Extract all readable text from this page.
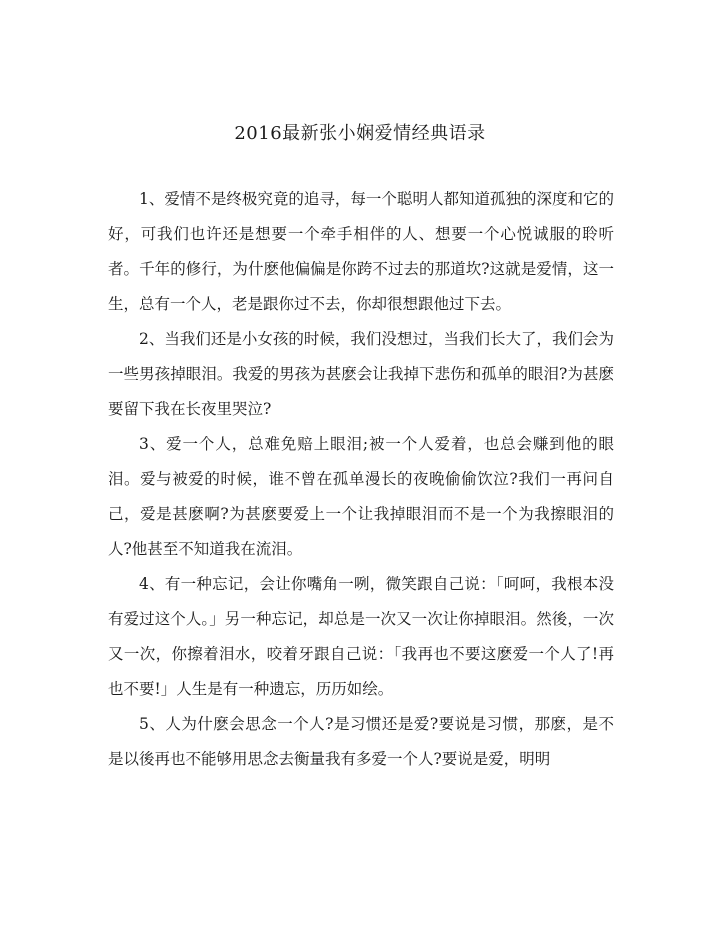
2016最新张小娴爱情经典语录

1、爱情不是终极究竟的追寻，每一个聪明人都知道孤独的深度和它的好，可我们也许还是想要一个牵手相伴的人、想要一个心悦诚服的聆听者。千年的修行，为什麽他偏偏是你跨不过去的那道坎?这就是爱情，这一生，总有一个人，老是跟你过不去，你却很想跟他过下去。

2、当我们还是小女孩的时候，我们没想过，当我们长大了，我们会为一些男孩掉眼泪。我爱的男孩为甚麽会让我掉下悲伤和孤单的眼泪?为甚麽要留下我在长夜里哭泣?

3、爱一个人，总难免赔上眼泪;被一个人爱着，也总会赚到他的眼泪。爱与被爱的时候，谁不曾在孤单漫长的夜晚偷偷饮泣?我们一再问自己，爱是甚麽啊?为甚麽要爱上一个让我掉眼泪而不是一个为我擦眼泪的人?他甚至不知道我在流泪。

4、有一种忘记，会让你嘴角一咧，微笑跟自己说：「呵呵，我根本没有爱过这个人。」另一种忘记，却总是一次又一次让你掉眼泪。然後，一次又一次，你擦着泪水，咬着牙跟自己说：「我再也不要这麽爱一个人了!再也不要!」人生是有一种遗忘，历历如绘。

5、人为什麽会思念一个人?是习惯还是爱?要说是习惯，那麽，是不是以後再也不能够用思念去衡量我有多爱一个人?要说是爱，明明
